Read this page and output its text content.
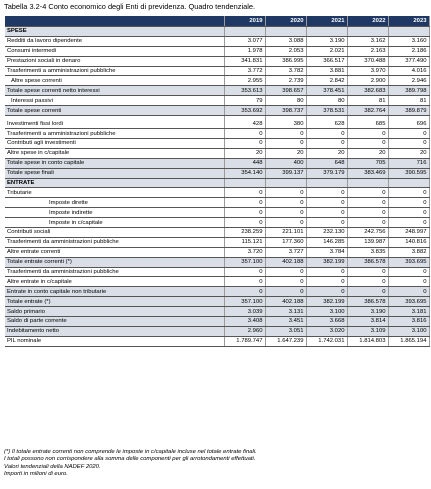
Tabella 3.2-4 Conto economico degli Enti di previdenza. Quadro tendenziale.
	2019	2020	2021	2022	2023
SPESE					
Redditi da lavoro dipendente	3.077	3.088	3.190	3.162	3.160
Consumi intermedi	1.978	2.053	2.021	2.163	2.186
Prestazioni sociali in denaro	341.831	386.995	366.517	370.488	377.490
Trasferimenti a amministrazioni pubbliche	3.772	3.782	3.881	3.970	4.016
Altre spese correnti	2.955	2.739	2.842	2.900	2.946
Totale spese correnti netto interessi	353.613	398.657	378.451	382.683	389.798
Interessi passivi	79	80	80	81	81
Totale spese correnti	353.692	398.737	378.531	382.764	389.879

Investimenti fissi lordi	428	380	628	685	696
Trasferimenti a amministrazioni pubbliche	0	0	0	0	0
Contributi agli investimenti	0	0	0	0	0
Altre spese in c/capitale	20	20	20	20	20
Totale spese in conto capitale	448	400	648	705	716
Totale spese finali	354.140	399.137	379.179	383.469	390.595
ENTRATE					
Tributarie	0	0	0	0	0
Imposte dirette	0	0	0	0	0
Imposte indirette	0	0	0	0	0
Imposte in c/capitale	0	0	0	0	0
Contributi sociali	238.259	221.101	232.130	242.756	248.997
Trasferimenti da amministrazioni pubbliche	115.121	177.360	146.285	139.987	140.816
Altre entrate correnti	3.720	3.727	3.784	3.835	3.882
Totale entrate correnti (*)	357.100	402.188	382.199	386.578	393.695
Trasferimenti da amministrazioni pubbliche	0	0	0	0	0
Altre entrate in c/capitale	0	0	0	0	0
Entrate in conto capitale non tributarie	0	0	0	0	0
Totale entrate (*)	357.100	402.188	382.199	386.578	393.695
Saldo primario	3.039	3.131	3.100	3.190	3.181
Saldo di parte corrente	3.408	3.451	3.668	3.814	3.816
Indebitamento netto	2.960	3.051	3.020	3.109	3.100
PIL nominale	1.789.747	1.647.239	1.742.031	1.814.803	1.865.194
(*) Il totale entrate correnti non comprende le imposte in c/capitale incluse nel totale entrate finali.
I totali possono non corrispondere alla somma delle componenti per gli arrotondamenti effettuati.
Valori tendenziali della NADEF 2020.
Importi in milioni di euro.
